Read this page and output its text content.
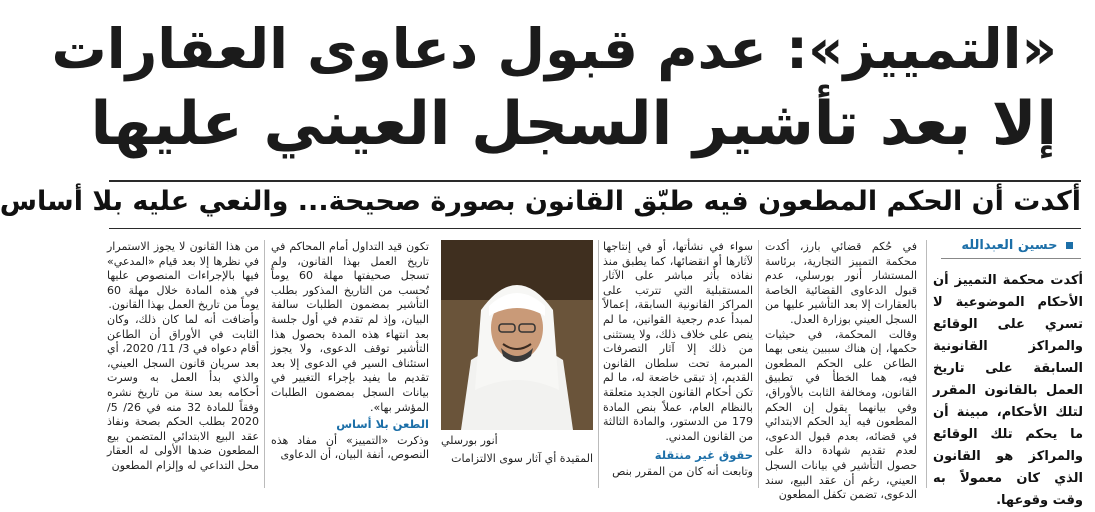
«التمييز»: عدم قبول دعاوى العقارات
إلا بعد تأشير السجل العيني عليها
أكدت أن الحكم المطعون فيه طبّق القانون بصورة صحيحة... والنعي عليه بلا أساس
حسين العبدالله
أكدت محكمة التمييز أن الأحكام الموضوعية لا تسري على الوقائع والمراكز القانونية السابقة على تاريخ العمل بالقانون المقرر لتلك الأحكام، مبينة أن ما يحكم تلك الوقائع والمراكز هو القانون الذي كان معمولاً به وقت وقوعها.
في حُكم قضائي بارز، أكدت محكمة التمييز التجارية، برئاسة المستشار أنور بورسلي، عدم قبول الدعاوى القضائية الخاصة بالعقارات إلا بعد التأشير عليها من السجل العيني بوزارة العدل.
وقالت المحكمة، في حيثيات حكمها، إن هناك سببين ينعى بهما الطاعن على الحكم المطعون فيه، هما الخطأ في تطبيق القانون، ومخالفة الثابت بالأوراق، وفي بيانهما يقول إن الحكم المطعون فيه أيد الحكم الابتدائي في قضائه، بعدم قبول الدعوى، لعدم تقديم شهادة دالة على حصول التأشير في بيانات السجل العيني، رغم أن عقد البيع، سند الدعوى، تضمن تكفل المطعون
سواء في نشأتها، أو في إنتاجها لآثارها أو انقضائها، كما يطبق منذ نفاذه بأثر مباشر على الآثار المستقبلية التي تترتب على المراكز القانونية السابقة، إعمالاً لمبدأ عدم رجعية القوانين، ما لم ينص على خلاف ذلك، ولا يستثنى من ذلك إلا آثار التصرفات المبرمة تحت سلطان القانون القديم، إذ تبقى خاضعة له، ما لم تكن أحكام القانون الجديد متعلقة بالنظام العام، عملاً بنص المادة 179 من الدستور، والمادة الثالثة من القانون المدني.
حقوق غير منتقلة
وتابعت أنه كان من المقرر بنص
أنور بورسلي
تكون قيد التداول أمام المحاكم في تاريخ العمل بهذا القانون، ولم تسجل صحيفتها مهلة 60 يوماً تُحسب من التاريخ المذكور بطلب التأشير بمضمون الطلبات سالفة البيان، وإذ لم تقدم في أول جلسة بعد انتهاء هذه المدة بحصول هذا التأشير توقف الدعوى، ولا يجوز استئناف السير في الدعوى إلا بعد تقديم ما يفيد بإجراء التغيير في بيانات السجل بمضمون الطلبات المؤشر بها».
الطعن بلا أساس
وذكرت «التمييز» أن مفاد هذه النصوص، أنفة البيان، أن الدعاوى	المقيدة أي آثار سوى الالتزامات
من هذا القانون لا يجوز الاستمرار في نظرها إلا بعد قيام «المدعي» فيها بالإجراءات المنصوص عليها في هذه المادة خلال مهلة 60 يوماً من تاريخ العمل بهذا القانون.
وأضافت أنه لما كان ذلك، وكان الثابت في الأوراق أن الطاعن أقام دعواه في 3/ 11/ 2020، أي بعد سريان قانون السجل العيني، والذي بدأ العمل به وسرت أحكامه بعد سنة من تاريخ نشره وفقاً للمادة 32 منه في 26/ 5/ 2020 بطلب الحكم بصحة ونفاذ عقد البيع الابتدائي المتضمن بيع المطعون ضدها الأولى له العقار محل التداعي له وإلزام المطعون
